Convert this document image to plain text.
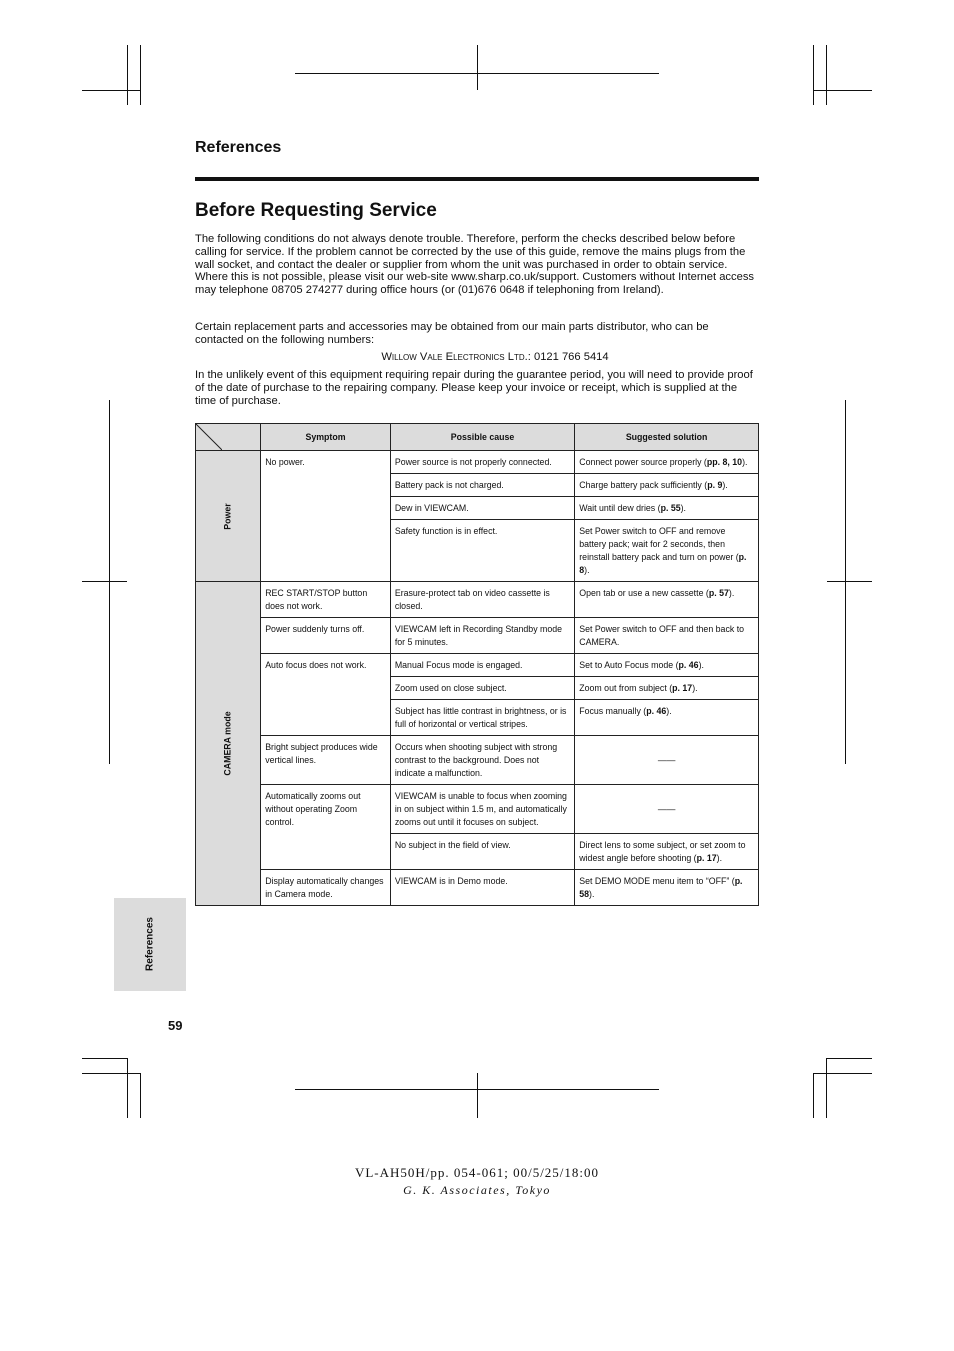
References
Before Requesting Service
The following conditions do not always denote trouble. Therefore, perform the checks described below before calling for service. If the problem cannot be corrected by the use of this guide, remove the mains plugs from the wall socket, and contact the dealer or supplier from whom the unit was purchased in order to obtain service. Where this is not possible, please visit our web-site www.sharp.co.uk/support. Customers without Internet access may telephone 08705 274277 during office hours (or (01)676 0648 if telephoning from Ireland).
Certain replacement parts and accessories may be obtained from our main parts distributor, who can be contacted on the following numbers:
Willow Vale Electronics Ltd.: 0121 766 5414
In the unlikely event of this equipment requiring repair during the guarantee period, you will need to provide proof of the date of purchase to the repairing company. Please keep your invoice or receipt, which is supplied at the time of purchase.
	Symptom	Possible cause	Suggested solution
Power	No power.	Power source is not properly connected.	Connect power source properly (pp. 8, 10).
		Battery pack is not charged.	Charge battery pack sufficiently (p. 9).
		Dew in VIEWCAM.	Wait until dew dries (p. 55).
		Safety function is in effect.	Set Power switch to OFF and remove battery pack; wait for 2 seconds, then reinstall battery pack and turn on power (p. 8).
CAMERA mode	REC START/STOP button does not work.	Erasure-protect tab on video cassette is closed.	Open tab or use a new cassette (p. 57).
	Power suddenly turns off.	VIEWCAM left in Recording Standby mode for 5 minutes.	Set Power switch to OFF and then back to CAMERA.
	Auto focus does not work.	Manual Focus mode is engaged.	Set to Auto Focus mode (p. 46).
		Zoom used on close subject.	Zoom out from subject (p. 17).
		Subject has little contrast in brightness, or is full of horizontal or vertical stripes.	Focus manually (p. 46).
	Bright subject produces wide vertical lines.	Occurs when shooting subject with strong contrast to the background. Does not indicate a malfunction.	——
	Automatically zooms out without operating Zoom control.	VIEWCAM is unable to focus when zooming in on subject within 1.5 m, and automatically zooms out until it focuses on subject.	——
		No subject in the field of view.	Direct lens to some subject, or set zoom to widest angle before shooting (p. 17).
	Display automatically changes in Camera mode.	VIEWCAM is in Demo mode.	Set DEMO MODE menu item to “OFF” (p. 58).
References
59
VL-AH50H/pp. 054-061; 00/5/25/18:00
G. K. Associates, Tokyo
